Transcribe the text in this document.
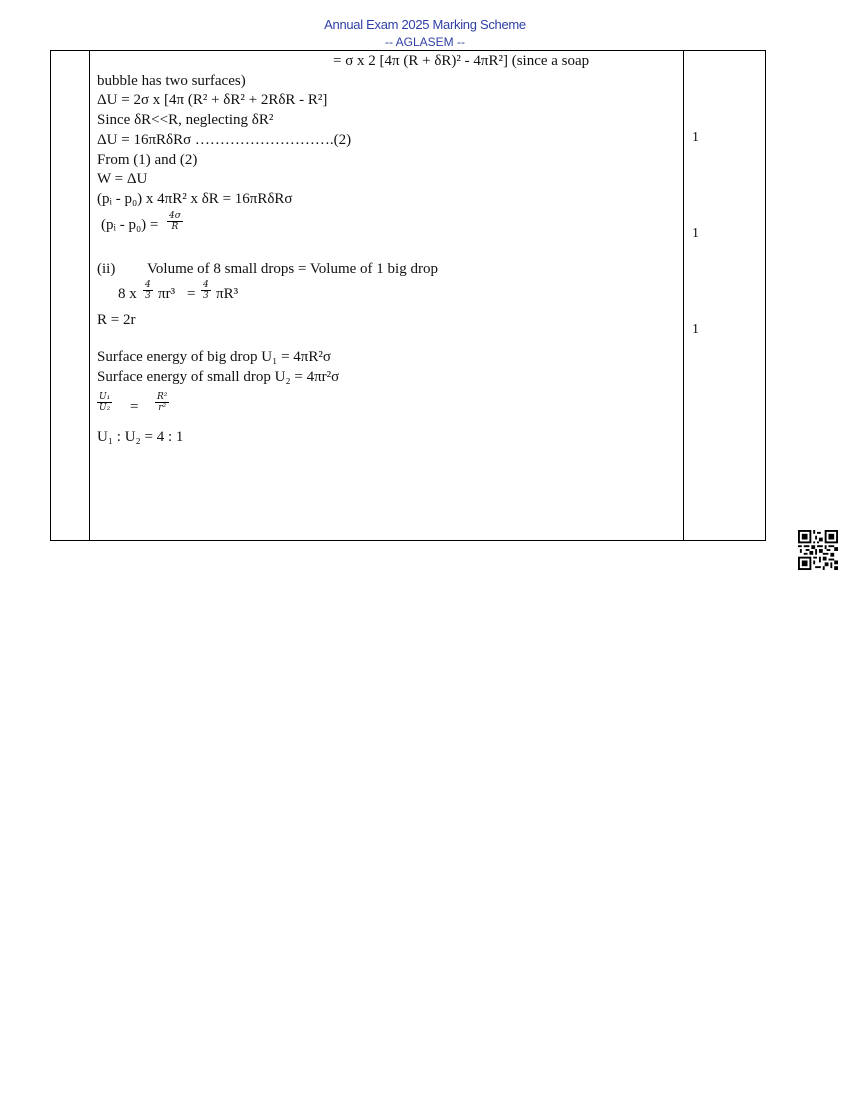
Annual Exam 2025 Marking Scheme
-- AGLASEM --
= σ x 2 [4π (R + δR)² - 4πR²] (since a soap
bubble has two surfaces)
ΔU = 2σ x [4π (R² + δR² + 2RδR - R²]
Since δR<<R, neglecting δR²
ΔU = 16πRδRσ ……………………….(2)
From (1) and (2)
W = ΔU
(pᵢ - p₀) x 4πR² x δR = 16πRδRσ
(pᵢ - $p_0) = \frac{4\sigma}{R}$
(ii) Volume of 8 small drops = Volume of 1 big drop
8 x $\frac{4}{3} \pi r^3 = \frac{4}{3} \pi R^3$
R = 2r
Surface energy of big drop U₁ = 4πR²σ
Surface energy of small drop U₂ = 4πr²σ
$\frac{\text{U₁}}{\text{U₂}} = \frac{\text{R²}}{\text{r²}}$
U₁ : U₂ = 4 : 1
1
1
1
